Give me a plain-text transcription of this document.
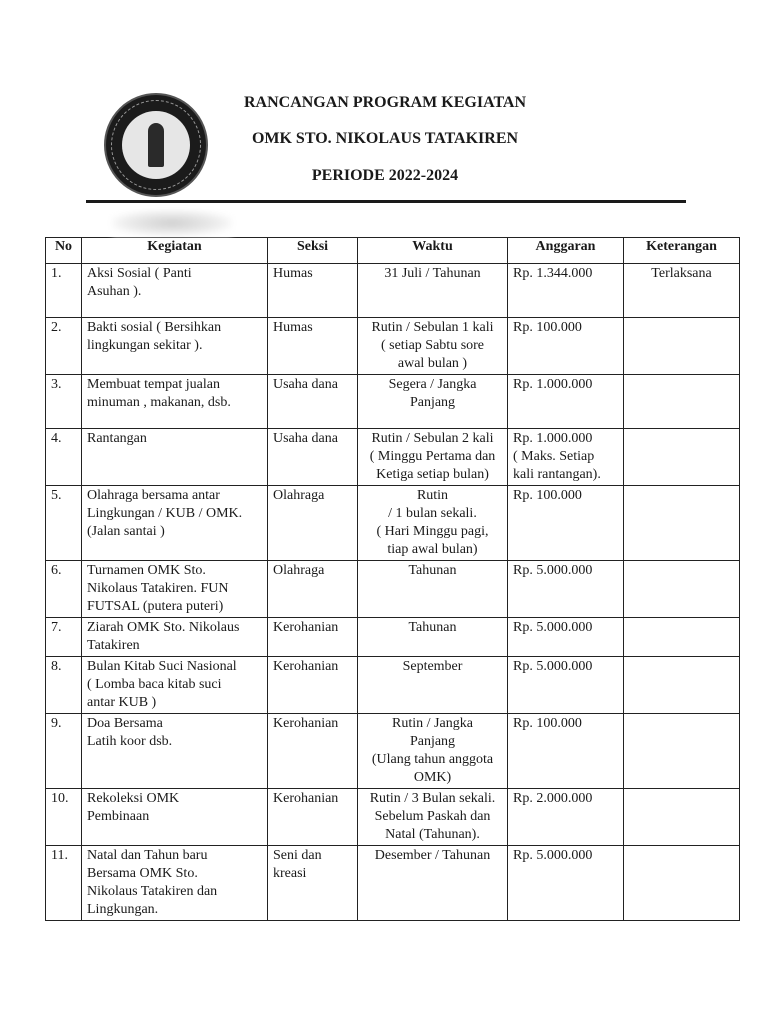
RANCANGAN PROGRAM KEGIATAN
OMK STO. NIKOLAUS TATAKIREN
PERIODE 2022-2024
No	Kegiatan	Seksi	Waktu	Anggaran	Keterangan

1.	Aksi Sosial ( Panti
Asuhan ).	Humas	31 Juli / Tahunan	Rp. 1.344.000	Terlaksana

2.	Bakti sosial ( Bersihkan
lingkungan sekitar ).	Humas	Rutin / Sebulan 1 kali
( setiap Sabtu sore
awal bulan )	Rp. 100.000	

3.	Membuat tempat jualan
minuman , makanan, dsb.	Usaha dana	Segera / Jangka
Panjang	Rp. 1.000.000	

4.	Rantangan	Usaha dana	Rutin / Sebulan 2 kali
( Minggu Pertama dan
Ketiga setiap bulan)	Rp. 1.000.000
( Maks. Setiap
kali rantangan).	

5.	Olahraga bersama antar
Lingkungan / KUB / OMK.
(Jalan santai )	Olahraga	Rutin
/ 1 bulan sekali.
( Hari Minggu pagi,
tiap awal bulan)	Rp. 100.000	

6.	Turnamen OMK Sto.
Nikolaus Tatakiren. FUN
FUTSAL (putera puteri)	Olahraga	Tahunan	Rp. 5.000.000	

7.	Ziarah OMK Sto. Nikolaus
Tatakiren	Kerohanian	Tahunan	Rp. 5.000.000	

8.	Bulan Kitab Suci Nasional
( Lomba baca kitab suci
antar KUB )	Kerohanian	September	Rp. 5.000.000	

9.	Doa Bersama
Latih koor dsb.	Kerohanian	Rutin / Jangka
Panjang
(Ulang tahun anggota
OMK)	Rp. 100.000	

10.	Rekoleksi OMK
Pembinaan	Kerohanian	Rutin / 3 Bulan sekali.
Sebelum Paskah dan
Natal (Tahunan).	Rp. 2.000.000	

11.	Natal dan Tahun baru
Bersama OMK Sto.
Nikolaus Tatakiren dan
Lingkungan.	Seni dan
kreasi	Desember / Tahunan	Rp. 5.000.000	
